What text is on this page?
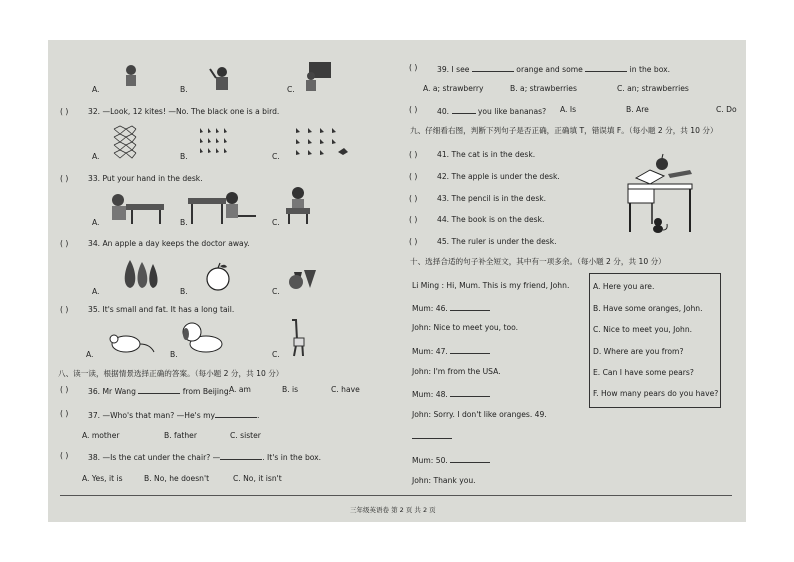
A.	B.	C.
( )	32. —Look, 12 kites! —No. The black one is a bird.
A.	B.	C.
( )	33. Put your hand in the desk.
A.	B.	C.
( )	34. An apple a day keeps the doctor away.
A.	B.	C.
( )	35. It's small and fat. It has a long tail.
A.	B.	C.
八、读一读，根据情景选择正确的答案。（每小题 2 分，共 10 分）
( )	36. Mr Wang	from Beijing.
A. am	B. is	C. have
( )	37. —Who's that man? —He's my	.
A. mother	B. father	C. sister
( )	38. —Is the cat under the chair? —	. It's in the box.
A. Yes, it is	B. No, he doesn't	C. No, it isn't
( )	39. I see	orange and some	in the box.
A. a; strawberry	B. a; strawberries	C. an; strawberries
( )	40.	you like bananas? A. Is	B. Are	C. Do
九、仔细看右图，判断下列句子是否正确，正确填 T，错误填 F。（每小题 2 分，共 10 分）
( )	41. The cat is in the desk.
( )	42. The apple is under the desk.
( )	43. The pencil is in the desk.
( )	44. The book is on the desk.
( )	45. The ruler is under the desk.
十、选择合适的句子补全短文，其中有一项多余。（每小题 2 分，共 10 分）
Li Ming : Hi, Mum. This is my friend, John.
Mum: 46.
John: Nice to meet you, too.
Mum: 47.
John: I'm from the USA.
Mum: 48.
John: Sorry. I don't like oranges. 49.
Mum: 50.
John: Thank you.
A. Here you are.
B. Have some oranges, John.
C. Nice to meet you, John.
D. Where are you from?
E. Can I have some pears?
F. How many pears do you have?
三年级英语卷 第 2 页 共 2 页
